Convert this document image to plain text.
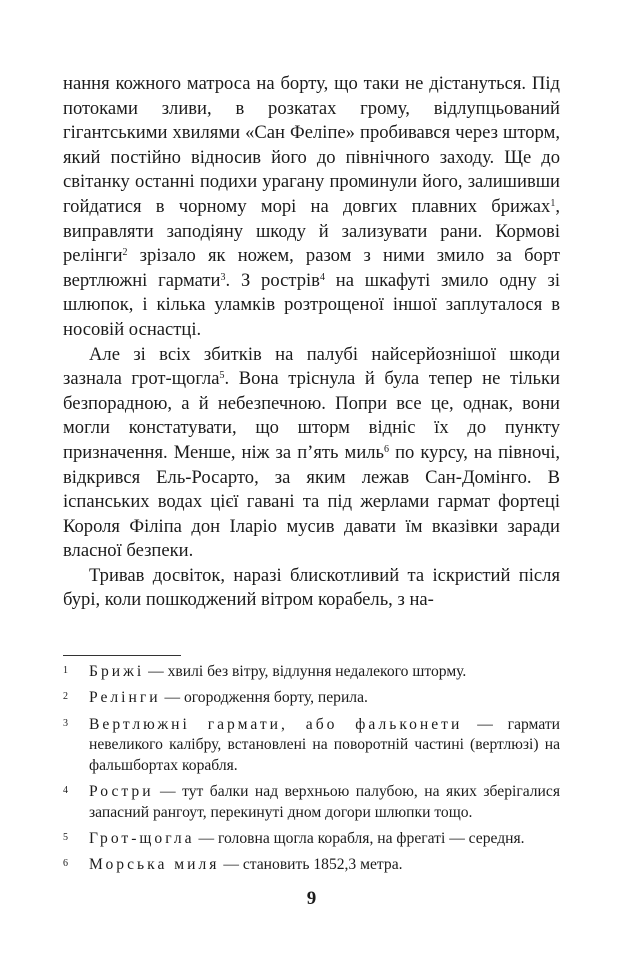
нання кожного матроса на борту, що таки не дістануться. Під потоками зливи, в розкатах грому, відлупцьований гігантськими хвилями «Сан Феліпе» пробивався через шторм, який постійно відносив його до північного заходу. Ще до світанку останні подихи урагану проминули його, залишивши гойдатися в чорному морі на довгих плавних брижах$^1$, виправляти заподіяну шкоду й зализувати рани. Кормові релінги$^2$ зрізало як ножем, разом з ними змило за борт вертлюжні гармати$^3$. З рострів$^4$ на шкафуті змило одну зі шлюпок, і кілька уламків розтрощеної іншої заплуталося в носовій оснастці.

Але зі всіх збитків на палубі найсерйознішої шкоди зазнала грот-щогла$^5$. Вона тріснула й була тепер не тільки безпорадною, а й небезпечною. Попри все це, однак, вони могли констатувати, що шторм відніс їх до пункту призначення. Менше, ніж за п’ять миль$^6$ по курсу, на півночі, відкрився Ель-Росарто, за яким лежав Сан-Домінго. В іспанських водах цієї гавані та під жерлами гармат фортеці Короля Філіпа дон Іларіо мусив давати їм вказівки заради власної безпеки.

Тривав досвіток, наразі блискотливий та іскристий після бурі, коли пошкоджений вітром корабель, з на-

1 Брижі — хвилі без вітру, відлуння недалекого шторму.
2 Релінги — огородження борту, перила.
3 Вертлюжні гармати, або фальконети — гармати невеликого калібру, встановлені на поворотній частині (вертлюзі) на фальшбортах корабля.
4 Ростри — тут балки над верхньою палубою, на яких зберігалися запасний рангоут, перекинуті дном догори шлюпки тощо.
5 Грот-щогла — головна щогла корабля, на фрегаті — середня.
6 Морська миля — становить 1852,3 метра.
9
